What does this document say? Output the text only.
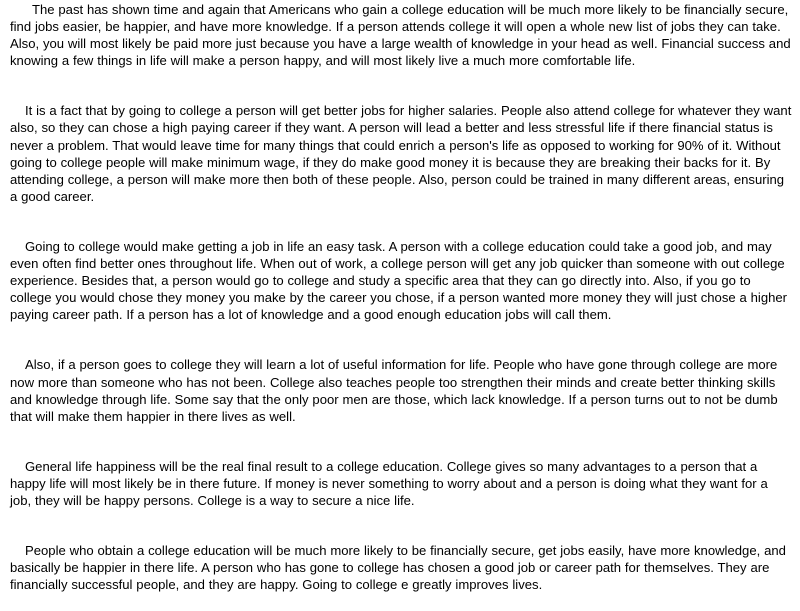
The past has shown time and again that Americans who gain a college education will be much more likely to be financially secure, find jobs easier, be happier, and have more knowledge. If a person attends college it will open a whole new list of jobs they can take. Also, you will most likely be paid more just because you have a large wealth of knowledge in your head as well. Financial success and knowing a few things in life will make a person happy, and will most likely live a much more comfortable life.

It is a fact that by going to college a person will get better jobs for higher salaries. People also attend college for whatever they want also, so they can chose a high paying career if they want. A person will lead a better and less stressful life if there financial status is never a problem. That would leave time for many things that could enrich a person's life as opposed to working for 90% of it. Without going to college people will make minimum wage, if they do make good money it is because they are breaking their backs for it. By attending college, a person will make more then both of these people. Also, person could be trained in many different areas, ensuring a good career.

Going to college would make getting a job in life an easy task. A person with a college education could take a good job, and may even often find better ones throughout life. When out of work, a college person will get any job quicker than someone with out college experience. Besides that, a person would go to college and study a specific area that they can go directly into. Also, if you go to college you would chose they money you make by the career you chose, if a person wanted more money they will just chose a higher paying career path. If a person has a lot of knowledge and a good enough education jobs will call them.

Also, if a person goes to college they will learn a lot of useful information for life. People who have gone through college are more now more than someone who has not been. College also teaches people too strengthen their minds and create better thinking skills and knowledge through life. Some say that the only poor men are those, which lack knowledge. If a person turns out to not be dumb that will make them happier in there lives as well.

General life happiness will be the real final result to a college education. College gives so many advantages to a person that a happy life will most likely be in there future. If money is never something to worry about and a person is doing what they want for a job, they will be happy persons. College is a way to secure a nice life.

People who obtain a college education will be much more likely to be financially secure, get jobs easily, have more knowledge, and basically be happier in there life. A person who has gone to college has chosen a good job or career path for themselves. They are financially successful people, and they are happy. Going to college e greatly improves lives.
